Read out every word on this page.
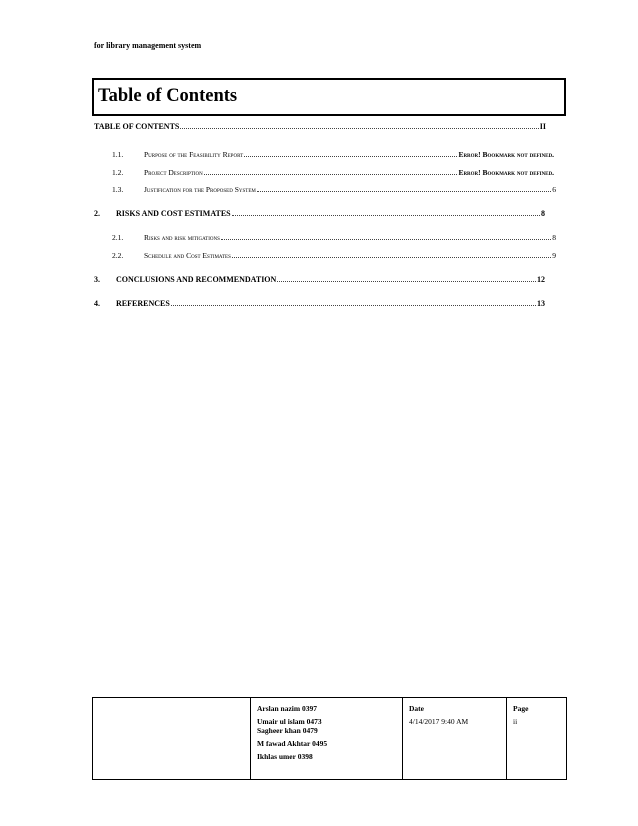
for library management system
Table of Contents
TABLE OF CONTENTS	II
1.1.	Purpose of the Feasibility Report	Error! Bookmark not defined.
1.2.	Project Description	Error! Bookmark not defined.
1.3.	Justification for the Proposed System	6
2.	RISKS AND COST ESTIMATES	8
2.1.	Risks and risk mitigations	8
2.2.	Schedule and Cost Estimates	9
3.	CONCLUSIONS AND RECOMMENDATION	12
4.	REFERENCES	13

Arslan nazim 0397
Umair ul islam 0473
Sagheer khan 0479
M fawad Akhtar 0495
Ikhlas umer 0398

Date
4/14/2017 9:40 AM

Page
ii
